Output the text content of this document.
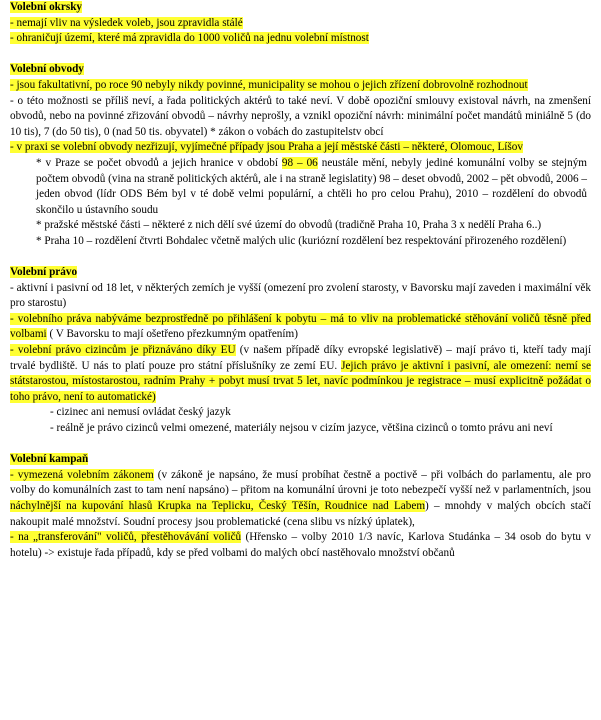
Volební okrsky

- nemají vliv na výsledek voleb, jsou zpravidla stálé

- ohraničují území, které má zpravidla do 1000 voličů na jednu volební místnost

Volební obvody

- jsou fakultativní, po roce 90 nebyly nikdy povinné, municipality se mohou o jejich zřízení dobrovolně rozhodnout

- o této možnosti se příliš neví, a řada politických aktérů to také neví. V době opoziční smlouvy existoval návrh, na zmenšení obvodů, nebo na povinné zřizování obvodů – návrhy neprošly, a vznikl opoziční návrh: minimální počet mandátů miniálně 5 (do 10 tis), 7 (do 50 tis), 0 (nad 50 tis. obyvatel) * zákon o vobách do zastupitelstv obcí

- v praxi se volební obvody nezřizují, vyjímečné případy jsou Praha a její městské části – některé, Olomouc, Líšov

* v Praze se počet obvodů a jejich hranice v období 98 – 06 neustále mění, nebyly jediné komunální volby se stejným počtem obvodů (vina na straně politických aktérů, ale i na straně legislatity) 98 – deset obvodů, 2002 – pět obvodů, 2006 – jeden obvod (lídr ODS Bém byl v té době velmi populární, a chtěli ho pro celou Prahu), 2010 – rozdělení do obvodů skončilo u ústavního soudu

* pražské městské části – některé z nich dělí své území do obvodů (tradičně Praha 10, Praha 3 x nedělí Praha 6..)

* Praha 10 – rozdělení čtvrti Bohdalec včetně malých ulic (kuriózní rozdělení bez respektování přirozeného rozdělení)

Volební právo

- aktivní i pasivní od 18 let, v některých zemích je vyšší (omezení pro zvolení starosty, v Bavorsku mají zaveden i maximální věk pro starostu)

- volebního práva nabýváme bezprostředně po přihlášení k pobytu – má to vliv na problematické stěhování voličů těsně před volbami ( V Bavorsku to mají ošetřeno přezkumným opatřením)

- volební právo cizincům je přiznáváno díky EU (v našem případě díky evropské legislativě) – mají právo ti, kteří tady mají trvalé bydliště. U nás to platí pouze pro státní příslušníky ze zemí EU. Jejich právo je aktivní i pasivní, ale omezení: nemí se státstarostou, místostarostou, radním Prahy + pobyt musí trvat 5 let, navíc podmínkou je registrace – musí explicitně požádat o toho právo, není to automatické)

- cizinec ani nemusí ovládat český jazyk

- reálně je právo cizinců velmi omezené, materiály nejsou v cizím jazyce, většina cizinců o tomto právu ani neví

Volební kampaň

- vymezená volebním zákonem (v zákoně je napsáno, že musí probíhat čestně a poctivě – při volbách do parlamentu, ale pro volby do komunálních zast to tam není napsáno) – přitom na komunální úrovni je toto nebezpečí vyšší než v parlamentních, jsou náchylnější na kupování hlasů Krupka na Teplicku, Český Těšín, Roudnice nad Labem) – mnohdy v malých obcích stačí nakoupit malé množství. Soudní procesy jsou problematické (cena slibu vs nízký úplatek),

- na „transferování" voličů, přestěhovávání voličů (Hřensko – volby 2010 1/3 navíc, Karlova Studánka – 34 osob do bytu v hotelu) -> existuje řada případů, kdy se před volbami do malých obcí nastěhovalo množství občanů
